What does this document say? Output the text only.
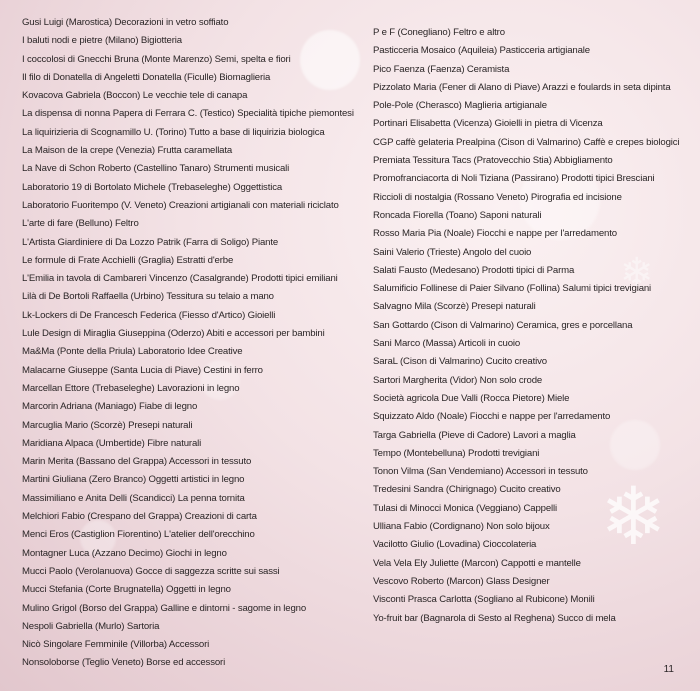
❄
❄
Gusi Luigi (Marostica) Decorazioni in vetro soffiato
I baluti nodi e pietre (Milano) Bigiotteria
I coccolosi di Gnecchi Bruna (Monte Marenzo) Semi, spelta e fiori
Il filo di Donatella di Angeletti Donatella (Ficulle) Biomaglieria
Kovacova Gabriela (Boccon) Le vecchie tele di canapa
La dispensa di nonna Papera di Ferrara C. (Testico) Specialità tipiche piemontesi
La liquirizieria di Scognamillo U. (Torino) Tutto a base di liquirizia biologica
La Maison de la crepe (Venezia) Frutta caramellata
La Nave di Schon Roberto (Castellino Tanaro) Strumenti musicali
Laboratorio 19 di Bortolato Michele (Trebaseleghe) Oggettistica
Laboratorio Fuoritempo (V. Veneto) Creazioni artigianali con materiali riciclato
L'arte di fare (Belluno) Feltro
L'Artista Giardiniere di Da Lozzo Patrik (Farra di Soligo) Piante
Le formule di Frate Acchielli (Graglia) Estratti d'erbe
L'Emilia in tavola di Cambareri Vincenzo (Casalgrande) Prodotti tipici emiliani
Lilà di De Bortoli Raffaella (Urbino) Tessitura su telaio a mano
Lk-Lockers di De Francesch Federica (Fiesso d'Artico) Gioielli
Lule Design di Miraglia Giuseppina (Oderzo) Abiti e accessori per bambini
Ma&Ma (Ponte della Priula) Laboratorio Idee Creative
Malacarne Giuseppe (Santa Lucia di Piave) Cestini in ferro
Marcellan Ettore (Trebaseleghe) Lavorazioni in legno
Marcorin Adriana (Maniago) Fiabe di legno
Marcuglia Mario (Scorzè) Presepi naturali
Maridiana Alpaca (Umbertide) Fibre naturali
Marin Merita (Bassano del Grappa) Accessori in tessuto
Martini Giuliana (Zero Branco) Oggetti artistici in legno
Massimiliano e Anita Delli (Scandicci) La penna tornita
Melchiori Fabio (Crespano del Grappa) Creazioni di carta
Menci Eros (Castiglion Fiorentino) L'atelier dell'orecchino
Montagner Luca (Azzano Decimo) Giochi in legno
Mucci Paolo (Verolanuova) Gocce di saggezza scritte sui sassi
Mucci Stefania (Corte Brugnatella) Oggetti in legno
Mulino Grigol (Borso del Grappa) Galline e dintorni - sagome in legno
Nespoli Gabriella (Murlo) Sartoria
Nicò Singolare Femminile (Villorba) Accessori
Nonsoloborse (Teglio Veneto) Borse ed accessori
P e F (Conegliano) Feltro e altro
Pasticceria Mosaico (Aquileia) Pasticceria artigianale
Pico Faenza (Faenza) Ceramista
Pizzolato Maria (Fener di Alano di Piave) Arazzi e foulards in seta dipinta
Pole-Pole (Cherasco) Maglieria artigianale
Portinari Elisabetta (Vicenza) Gioielli in pietra di Vicenza
CGP caffè gelateria Prealpina (Cison di Valmarino) Caffè e crepes biologici
Premiata Tessitura Tacs (Pratovecchio Stia) Abbigliamento
Promofranciacorta di Noli Tiziana (Passirano) Prodotti tipici Bresciani
Riccioli di nostalgia (Rossano Veneto) Pirografia ed incisione
Roncada Fiorella (Toano) Saponi naturali
Rosso Maria Pia (Noale) Fiocchi e nappe per l'arredamento
Saini Valerio (Trieste) Angolo del cuoio
Salati Fausto (Medesano) Prodotti tipici di Parma
Salumificio Follinese di Paier Silvano (Follina) Salumi tipici trevigiani
Salvagno Mila (Scorzè) Presepi naturali
San Gottardo (Cison di Valmarino) Ceramica, gres e porcellana
Sani Marco (Massa) Articoli in cuoio
SaraL (Cison di Valmarino) Cucito creativo
Sartori Margherita (Vidor) Non solo crode
Società agricola Due Valli (Rocca Pietore) Miele
Squizzato Aldo (Noale) Fiocchi e nappe per l'arredamento
Targa Gabriella (Pieve di Cadore) Lavori a maglia
Tempo (Montebelluna) Prodotti trevigiani
Tonon Vilma (San Vendemiano) Accessori in tessuto
Tredesini Sandra (Chirignago) Cucito creativo
Tulasi di Minocci Monica (Veggiano) Cappelli
Ulliana Fabio (Cordignano) Non solo bijoux
Vacilotto Giulio (Lovadina) Cioccolateria
Vela Vela Ely Juliette (Marcon) Cappotti e mantelle
Vescovo Roberto (Marcon) Glass Designer
Visconti Prasca Carlotta (Sogliano al Rubicone) Monili
Yo-fruit bar (Bagnarola di Sesto al Reghena) Succo di mela
11
